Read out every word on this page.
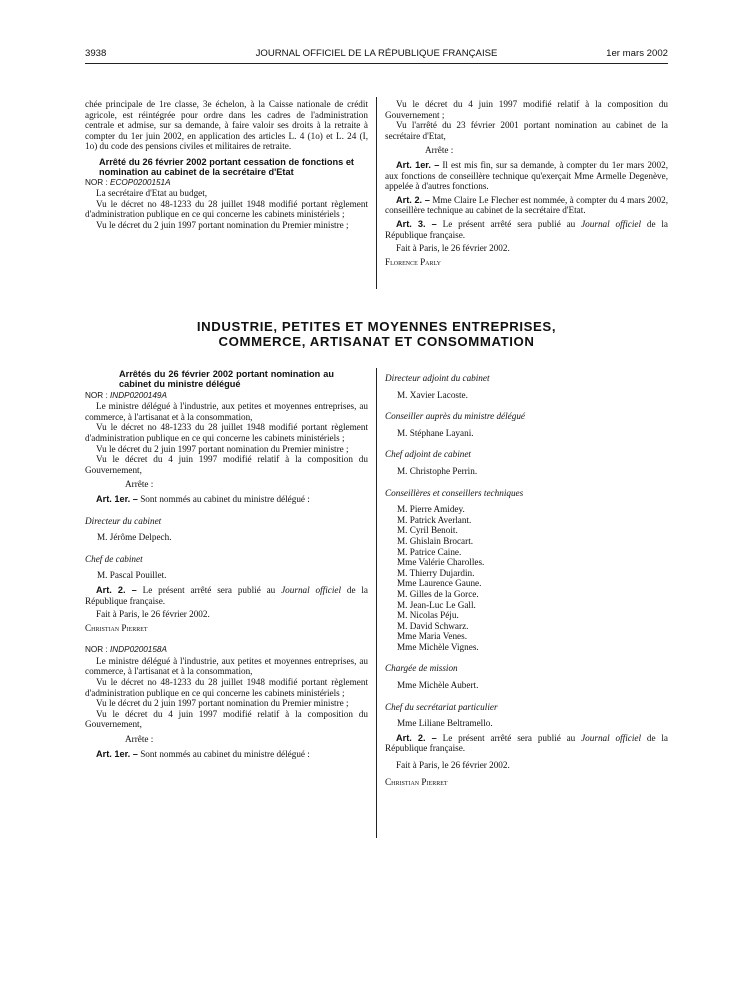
3938	JOURNAL OFFICIEL DE LA RÉPUBLIQUE FRANÇAISE	1er mars 2002

chée principale de 1re classe, 3e échelon, à la Caisse nationale de crédit agricole, est réintégrée pour ordre dans les cadres de l'administration centrale et admise, sur sa demande, à faire valoir ses droits à la retraite à compter du 1er juin 2002, en application des articles L. 4 (1o) et L. 24 (I, 1o) du code des pensions civiles et militaires de retraite.

Arrêté du 26 février 2002 portant cessation de fonctions et nomination au cabinet de la secrétaire d'Etat

NOR : ECOP0200151A

La secrétaire d'Etat au budget,

Vu le décret no 48-1233 du 28 juillet 1948 modifié portant règlement d'administration publique en ce qui concerne les cabinets ministériels ;

Vu le décret du 2 juin 1997 portant nomination du Premier ministre ;

Vu le décret du 4 juin 1997 modifié relatif à la composition du Gouvernement ;

Vu l'arrêté du 23 février 2001 portant nomination au cabinet de la secrétaire d'Etat,

Arrête :

Art. 1er. – Il est mis fin, sur sa demande, à compter du 1er mars 2002, aux fonctions de conseillère technique qu'exerçait Mme Armelle Degenève, appelée à d'autres fonctions.

Art. 2. – Mme Claire Le Flecher est nommée, à compter du 4 mars 2002, conseillère technique au cabinet de la secrétaire d'Etat.

Art. 3. – Le présent arrêté sera publié au Journal officiel de la République française.

Fait à Paris, le 26 février 2002.

Florence Parly

INDUSTRIE, PETITES ET MOYENNES ENTREPRISES,
COMMERCE, ARTISANAT ET CONSOMMATION

Arrêtés du 26 février 2002 portant nomination au cabinet du ministre délégué

NOR : INDP0200149A

Le ministre délégué à l'industrie, aux petites et moyennes entreprises, au commerce, à l'artisanat et à la consommation,

Vu le décret no 48-1233 du 28 juillet 1948 modifié portant règlement d'administration publique en ce qui concerne les cabinets ministériels ;

Vu le décret du 2 juin 1997 portant nomination du Premier ministre ;

Vu le décret du 4 juin 1997 modifié relatif à la composition du Gouvernement,

Arrête :

Art. 1er. – Sont nommés au cabinet du ministre délégué :

Directeur du cabinet

M. Jérôme Delpech.

Chef de cabinet

M. Pascal Pouillet.

Art. 2. – Le présent arrêté sera publié au Journal officiel de la République française.

Fait à Paris, le 26 février 2002.

Christian Pierret

NOR : INDP0200158A

Le ministre délégué à l'industrie, aux petites et moyennes entreprises, au commerce, à l'artisanat et à la consommation,

Vu le décret no 48-1233 du 28 juillet 1948 modifié portant règlement d'administration publique en ce qui concerne les cabinets ministériels ;

Vu le décret du 2 juin 1997 portant nomination du Premier ministre ;

Vu le décret du 4 juin 1997 modifié relatif à la composition du Gouvernement,

Arrête :

Art. 1er. – Sont nommés au cabinet du ministre délégué :

Directeur adjoint du cabinet

M. Xavier Lacoste.

Conseiller auprès du ministre délégué

M. Stéphane Layani.

Chef adjoint de cabinet

M. Christophe Perrin.

Conseillères et conseillers techniques

M. Pierre Amidey.

M. Patrick Averlant.

M. Cyril Benoit.

M. Ghislain Brocart.

M. Patrice Caine.

Mme Valérie Charolles.

M. Thierry Dujardin.

Mme Laurence Gaune.

M. Gilles de la Gorce.

M. Jean-Luc Le Gall.

M. Nicolas Péju.

M. David Schwarz.

Mme Maria Venes.

Mme Michèle Vignes.

Chargée de mission

Mme Michèle Aubert.

Chef du secrétariat particulier

Mme Liliane Beltramello.

Art. 2. – Le présent arrêté sera publié au Journal officiel de la République française.

Fait à Paris, le 26 février 2002.

Christian Pierret
